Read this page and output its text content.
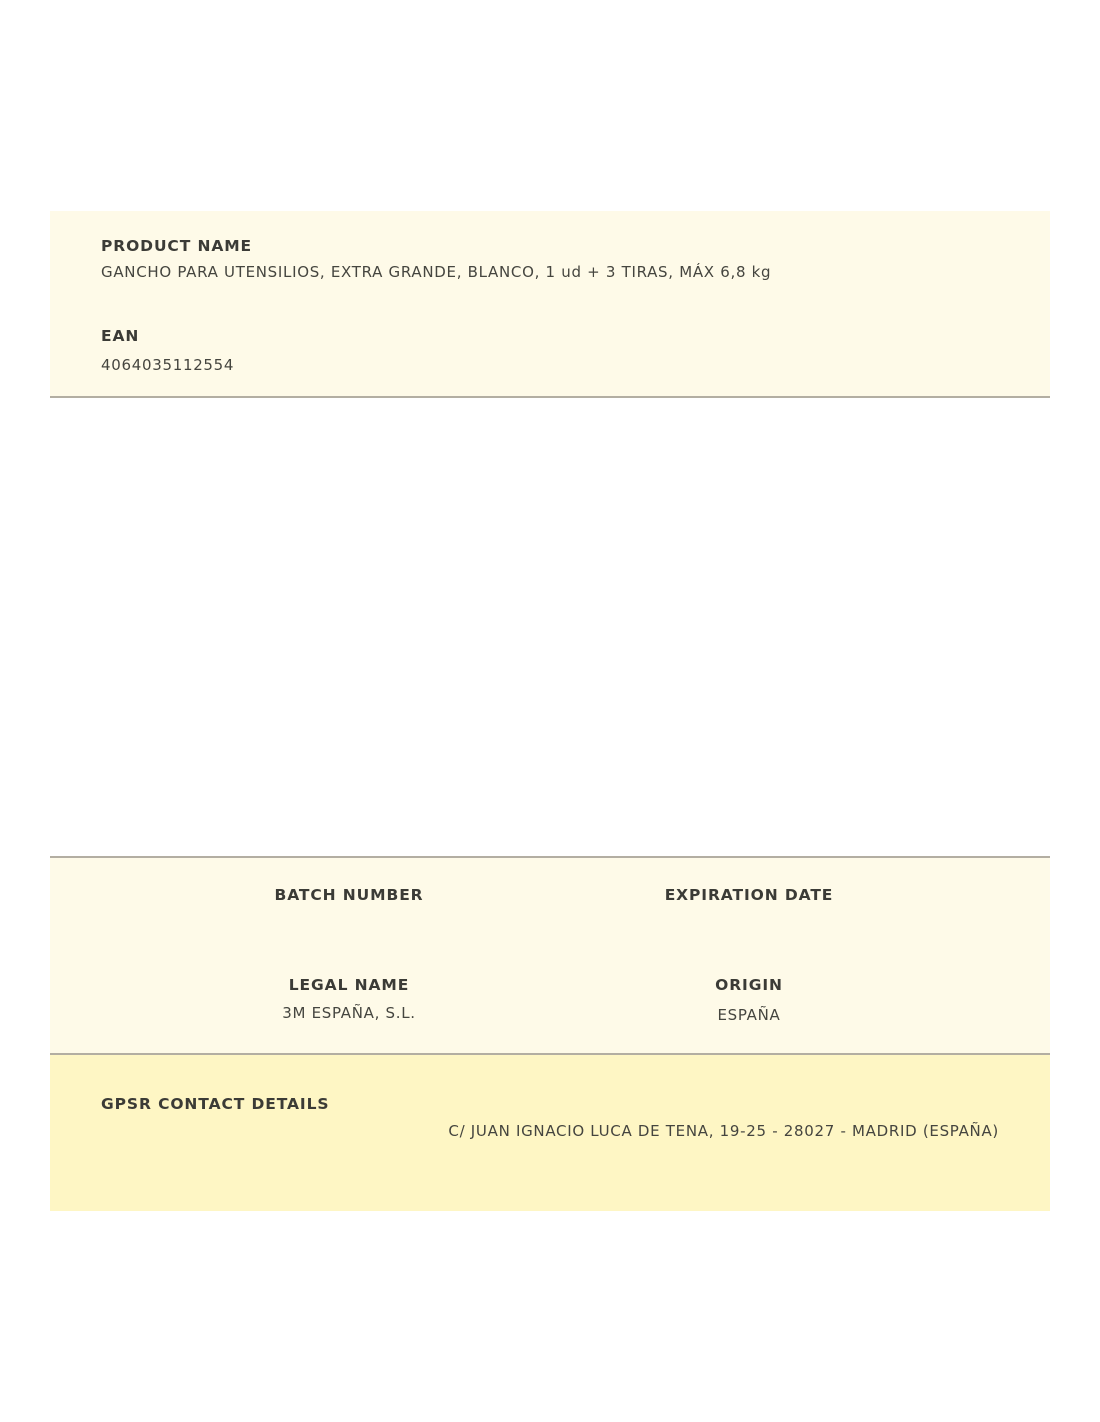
PRODUCT NAME
GANCHO PARA UTENSILIOS, EXTRA GRANDE, BLANCO, 1 ud + 3 TIRAS, MÁX 6,8 kg
EAN
4064035112554
BATCH NUMBER	EXPIRATION DATE
LEGAL NAME
3M ESPAÑA, S.L.
ORIGIN
ESPAÑA
GPSR CONTACT DETAILS
C/ JUAN IGNACIO LUCA DE TENA, 19-25 - 28027 - MADRID (ESPAÑA)
